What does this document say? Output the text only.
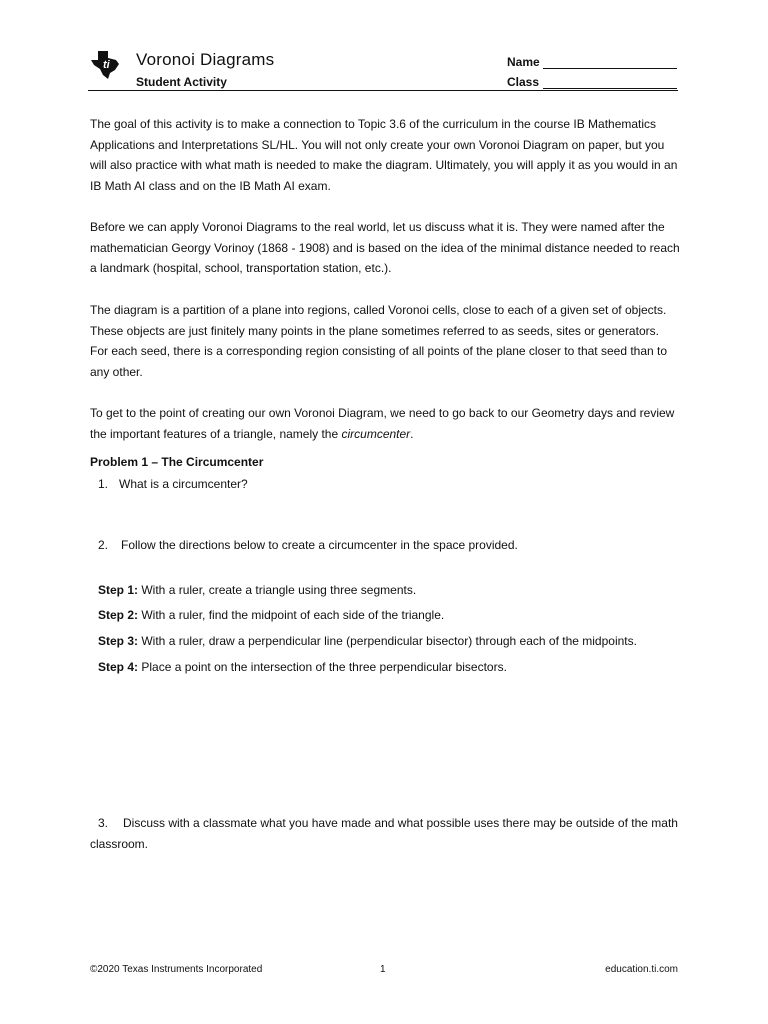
ti Voronoi Diagrams
Student Activity
Name
Class

The goal of this activity is to make a connection to Topic 3.6 of the curriculum in the course IB Mathematics Applications and Interpretations SL/HL. You will not only create your own Voronoi Diagram on paper, but you will also practice with what math is needed to make the diagram. Ultimately, you will apply it as you would in an IB Math AI class and on the IB Math AI exam.

Before we can apply Voronoi Diagrams to the real world, let us discuss what it is. They were named after the mathematician Georgy Vorinoy (1868 - 1908) and is based on the idea of the minimal distance needed to reach a landmark (hospital, school, transportation station, etc.).

The diagram is a partition of a plane into regions, called Voronoi cells, close to each of a given set of objects. These objects are just finitely many points in the plane sometimes referred to as seeds, sites or generators. For each seed, there is a corresponding region consisting of all points of the plane closer to that seed than to any other.

To get to the point of creating our own Voronoi Diagram, we need to go back to our Geometry days and review the important features of a triangle, namely the circumcenter.

Problem 1 – The Circumcenter
1. What is a circumcenter?
2. Follow the directions below to create a circumcenter in the space provided.
Step 1: With a ruler, create a triangle using three segments.
Step 2: With a ruler, find the midpoint of each side of the triangle.
Step 3: With a ruler, draw a perpendicular line (perpendicular bisector) through each of the midpoints.
Step 4: Place a point on the intersection of the three perpendicular bisectors.
3. Discuss with a classmate what you have made and what possible uses there may be outside of the math classroom.
©2020 Texas Instruments Incorporated	1	education.ti.com
